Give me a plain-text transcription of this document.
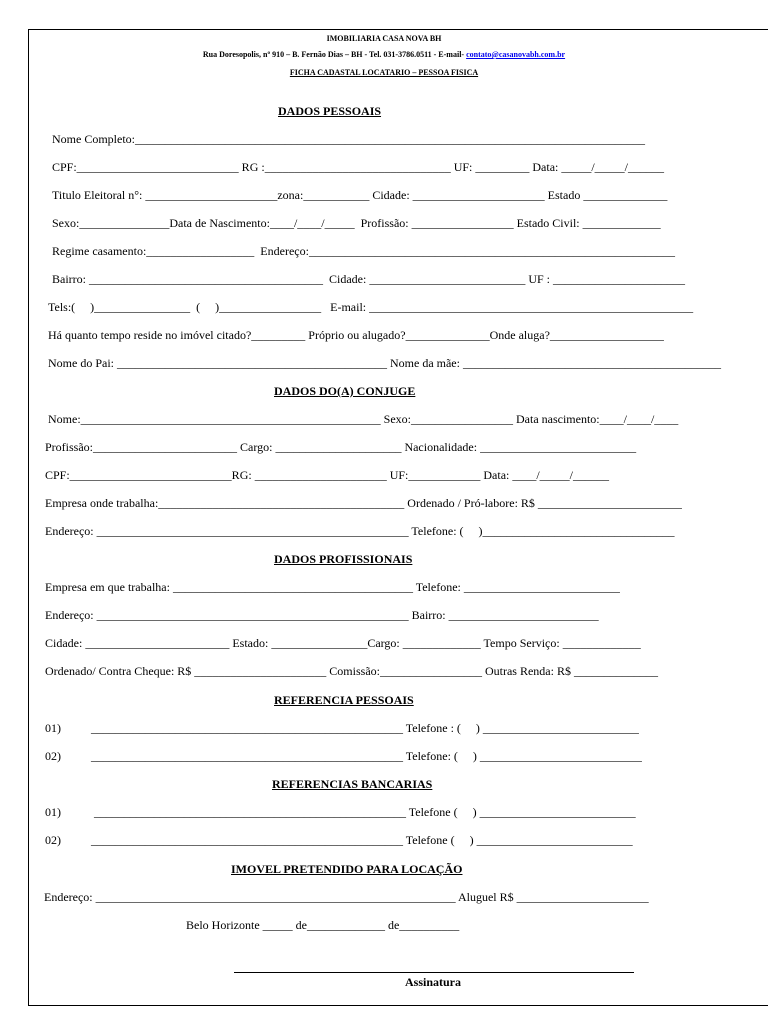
IMOBILIARIA CASA NOVA BH
Rua Doresopolis, nº 910 – B. Fernão Dias – BH - Tel. 031-3786.0511 - E-mail- contato@casanovabh.com.br
FICHA CADASTAL LOCATARIO – PESSOA FISICA
DADOS PESSOAIS
Nome Completo:_____________________________________________________________________________________
CPF:___________________________ RG :_______________________________ UF: _________ Data: _____/_____/______
Titulo Eleitoral n°: ______________________zona:___________ Cidade: ______________________ Estado ______________
Sexo:_______________Data de Nascimento:____/____/_____  Profissão: _________________ Estado Civil: _____________
Regime casamento:__________________  Endereço:_____________________________________________________________
Bairro: _______________________________________  Cidade: __________________________ UF : ______________________
Tels:(     )________________  (     )_________________   E-mail: ______________________________________________________
Há quanto tempo reside no imóvel citado?_________ Próprio ou alugado?______________Onde aluga?___________________
Nome do Pai: _____________________________________________ Nome da mãe: ___________________________________________
DADOS DO(A) CONJUGE
Nome:__________________________________________________ Sexo:_________________ Data nascimento:____/____/____
Profissão:________________________ Cargo: _____________________ Nacionalidade: __________________________
CPF:___________________________RG: ______________________ UF:____________ Data: ____/_____/______
Empresa onde trabalha:_________________________________________ Ordenado / Pró-labore: R$ ________________________
Endereço: ____________________________________________________ Telefone: (     )________________________________
DADOS PROFISSIONAIS
Empresa em que trabalha: ________________________________________ Telefone: __________________________
Endereço: ____________________________________________________ Bairro: _________________________
Cidade: ________________________ Estado: ________________Cargo: _____________ Tempo Serviço: _____________
Ordenado/ Contra Cheque: R$ ______________________ Comissão:_________________ Outras Renda: R$ ______________
REFERENCIA PESSOAIS
01)	____________________________________________________ Telefone : (     ) __________________________
02)	____________________________________________________ Telefone: (     ) ___________________________
REFERENCIAS BANCARIAS
01)	____________________________________________________ Telefone (     ) __________________________
02)	____________________________________________________ Telefone (     ) __________________________
IMOVEL PRETENDIDO PARA LOCAÇÃO
Endereço: ____________________________________________________________ Aluguel R$ ______________________
Belo Horizonte _____ de_____________ de__________
Assinatura
